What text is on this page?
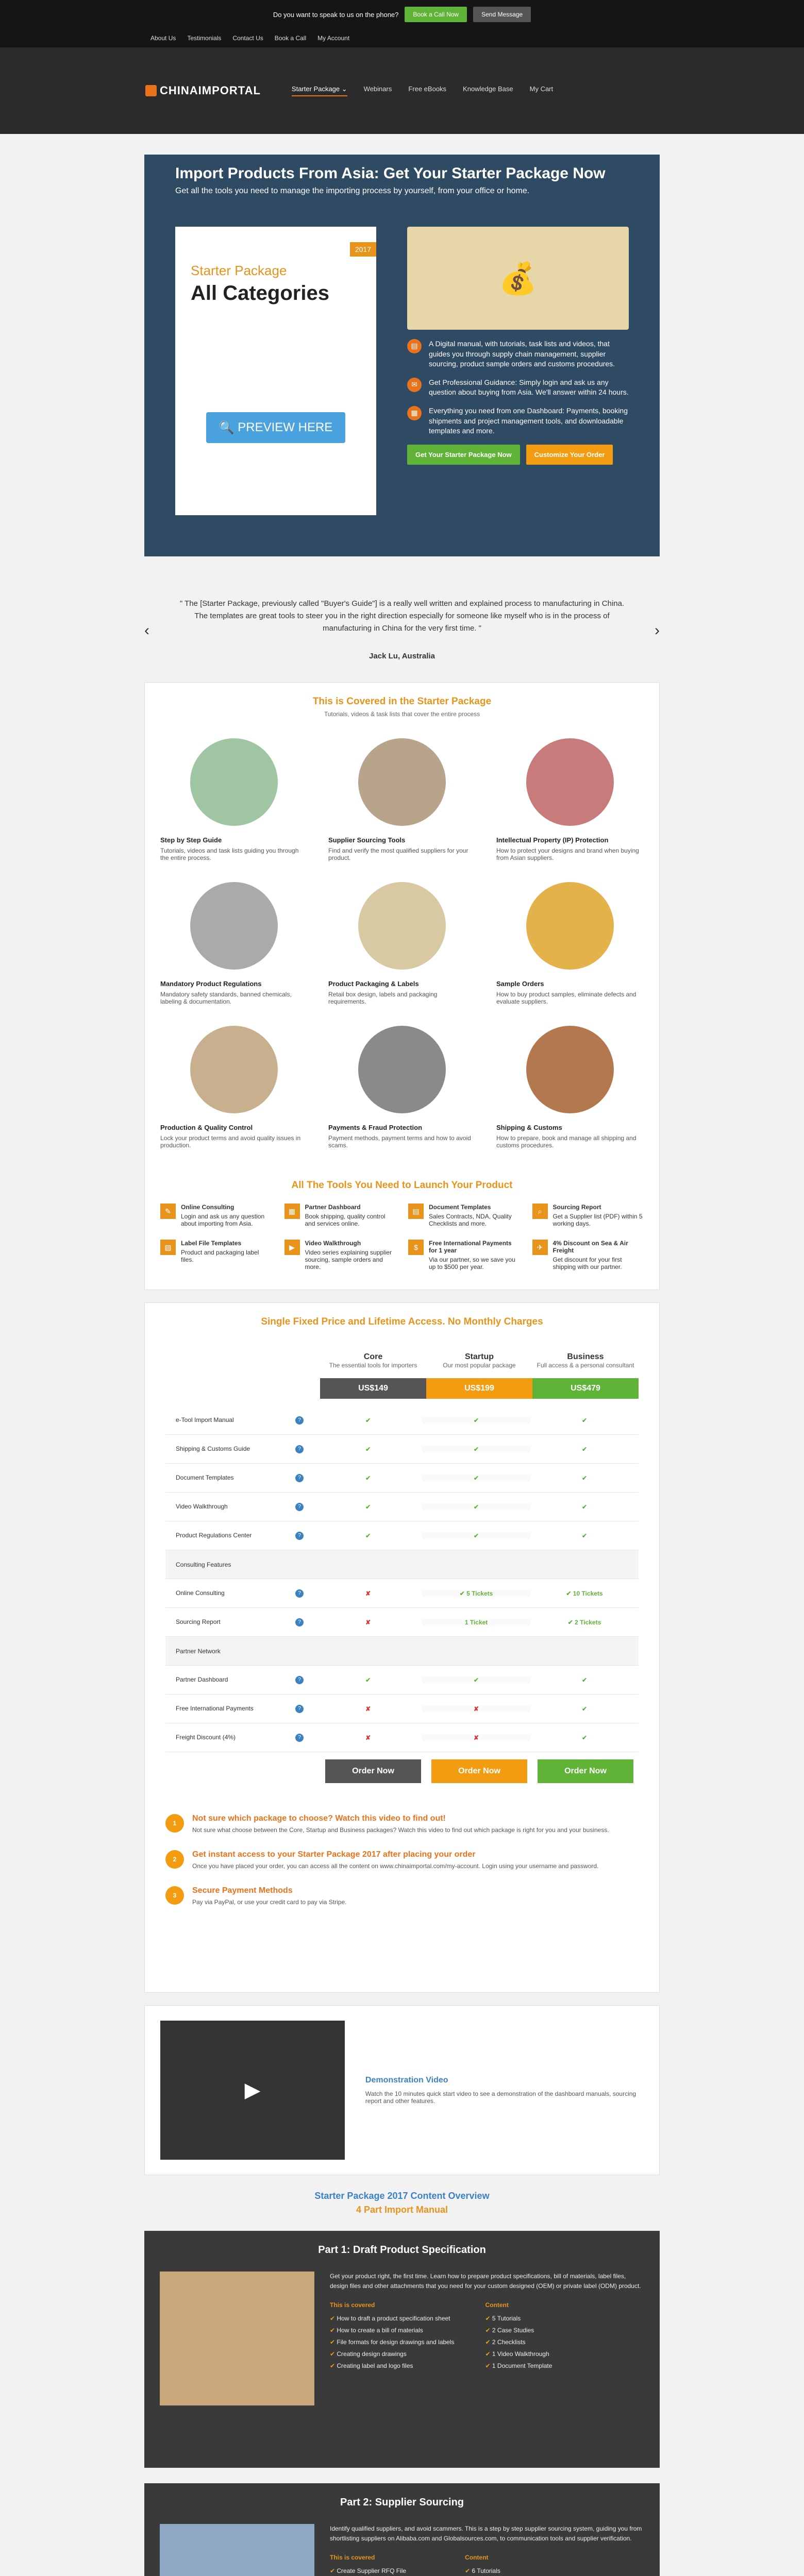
Do you want to speak to us on the phone?	Book a Call Now	Send Message
About Us Testimonials Contact Us Book a Call My Account
CHINAIMPORTAL	Starter Package ⌄ Webinars Free eBooks Knowledge Base My Cart
Import Products From Asia: Get Your Starter Package Now

Get all the tools you need to manage the importing process by yourself, from your office or home.

2017
Starter Package
All Categories
🔍 PREVIEW HERE
💰
▤	A Digital manual, with tutorials, task lists and videos, that guides you through supply chain management, supplier sourcing, product sample orders and customs procedures.
✉	Get Professional Guidance: Simply login and ask us any question about buying from Asia. We'll answer within 24 hours.
▦	Everything you need from one Dashboard: Payments, booking shipments and project management tools, and downloadable templates and more.
Get Your Starter Package Now	Customize Your Order
‹

" The [Starter Package, previously called "Buyer's Guide"] is a really well written and explained process to manufacturing in China. The templates are great tools to steer you in the right direction especially for someone like myself who is in the process of manufacturing in China for the very first time. "

Jack Lu, Australia

›
This is Covered in the Starter Package

Tutorials, videos & task lists that cover the entire process

Step by Step Guide

Tutorials, videos and task lists guiding you through the entire process.

Supplier Sourcing Tools

Find and verify the most qualified suppliers for your product.

Intellectual Property (IP) Protection

How to protect your designs and brand when buying from Asian suppliers.

Mandatory Product Regulations

Mandatory safety standards, banned chemicals, labeling & documentation.

Product Packaging & Labels

Retail box design, labels and packaging requirements.

Sample Orders

How to buy product samples, eliminate defects and evaluate suppliers.

Production & Quality Control

Lock your product terms and avoid quality issues in production.

Payments & Fraud Protection

Payment methods, payment terms and how to avoid scams.

Shipping & Customs

How to prepare, book and manage all shipping and customs procedures.

All The Tools You Need to Launch Your Product
✎	Online Consulting

Login and ask us any question about importing from Asia.

▦	Partner Dashboard

Book shipping, quality control and services online.

▤	Document Templates

Sales Contracts, NDA, Quality Checklists and more.

⌕	Sourcing Report

Get a Supplier list (PDF) within 5 working days.

▧	Label File Templates

Product and packaging label files.

▶	Video Walkthrough

Video series explaining supplier sourcing, sample orders and more.

$	Free International Payments for 1 year

Via our partner, so we save you up to $500 per year.

✈	4% Discount on Sea & Air Freight

Get discount for your first shipping with our partner.

Single Fixed Price and Lifetime Access. No Monthly Charges
Core

The essential tools for importers

US$149
Startup

Our most popular package

US$199
Business

Full access & a personal consultant

US$479
e-Tool Import Manual	?	✔	✔	✔
Shipping & Customs Guide	?	✔	✔	✔
Document Templates	?	✔	✔	✔
Video Walkthrough	?	✔	✔	✔
Product Regulations Center	?	✔	✔	✔
Consulting Features
Online Consulting	?	✘	✔ 5 Tickets	✔ 10 Tickets
Sourcing Report	?	✘	1 Ticket	✔ 2 Tickets
Partner Network
Partner Dashboard	?	✔	✔	✔
Free International Payments	?	✘	✘	✔
Freight Discount (4%)	?	✘	✘	✔
Order Now	Order Now	Order Now
1
Not sure which package to choose? Watch this video to find out!

Not sure what choose between the Core, Startup and Business packages? Watch this video to find out which package is right for you and your business.

2
Get instant access to your Starter Package 2017 after placing your order

Once you have placed your order, you can access all the content on www.chinaimportal.com/my-account. Login using your username and password.

3
Secure Payment Methods

Pay via PayPal, or use your credit card to pay via Stripe.

▶	Demonstration Video

Watch the 10 minutes quick start video to see a demonstration of the dashboard manuals, sourcing report and other features.

Starter Package 2017 Content Overview
4 Part Import Manual
Part 1: Draft Product Specification

Get your product right, the first time. Learn how to prepare product specifications, bill of materials, label files, design files and other attachments that you need for your custom designed (OEM) or private label (ODM) product.

This is covered
✔ How to draft a product specification sheet
✔ How to create a bill of materials
✔ File formats for design drawings and labels
✔ Creating design drawings
✔ Creating label and logo files
Content
✔ 5 Tutorials
✔ 2 Case Studies
✔ 2 Checklists
✔ 1 Video Walkthrough
✔ 1 Document Template
Part 2: Supplier Sourcing

Identify qualified suppliers, and avoid scammers. This is a step by step supplier sourcing system, guiding you from shortlisting suppliers on Alibaba.com and Globalsources.com, to communication tools and supplier verification.

This is covered
✔ Create Supplier RFQ File
Content
✔ 6 Tutorials
